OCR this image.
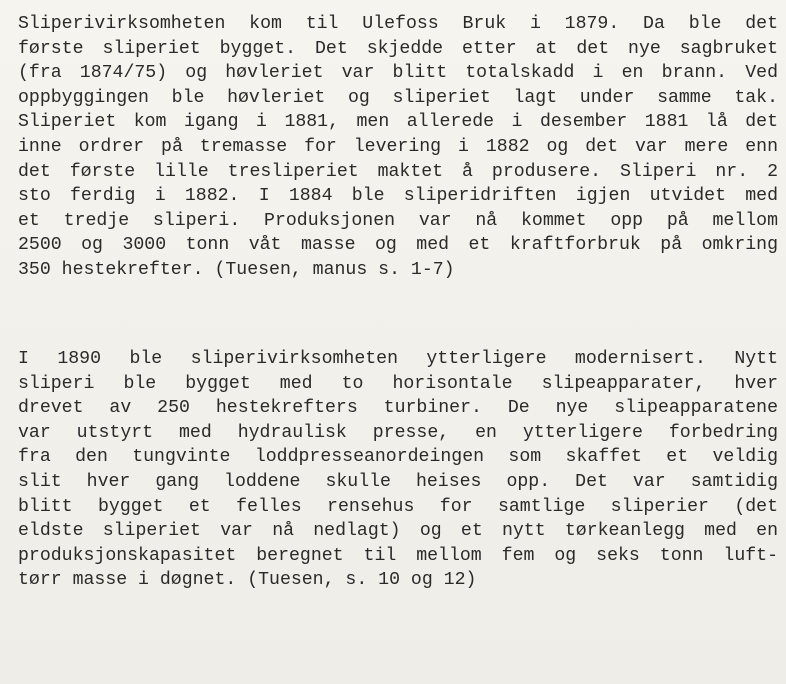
Sliperivirksomheten kom til Ulefoss Bruk i 1879. Da ble det
første sliperiet bygget. Det skjedde etter at det nye sagbruket
(fra 1874/75) og høvleriet var blitt totalskadd i en brann. Ved
oppbyggingen ble høvleriet og sliperiet lagt under samme tak.
Sliperiet kom igang i 1881, men allerede i desember 1881 lå det
inne ordrer på tremasse for levering i 1882 og det var mere enn
det første lille tresliperiet maktet å produsere. Sliperi nr. 2
sto ferdig i 1882. I 1884 ble sliperidriften igjen utvidet med
et tredje sliperi. Produksjonen var nå kommet opp på mellom
2500 og 3000 tonn våt masse og med et kraftforbruk på omkring
350 hestekrefter. (Tuesen, manus s. 1-7)
I 1890 ble sliperivirksomheten ytterligere modernisert. Nytt
sliperi ble bygget med to horisontale slipeapparater, hver
drevet av 250 hestekrefters turbiner. De nye slipeapparatene
var utstyrt med hydraulisk presse, en ytterligere forbedring
fra den tungvinte loddpresseanordeingen som skaffet et veldig
slit hver gang loddene skulle heises opp. Det var samtidig
blitt bygget et felles rensehus for samtlige sliperier (det
eldste sliperiet var nå nedlagt) og et nytt tørkeanlegg med en
produksjonskapasitet beregnet til mellom fem og seks tonn luft-
tørr masse i døgnet. (Tuesen, s. 10 og 12)
